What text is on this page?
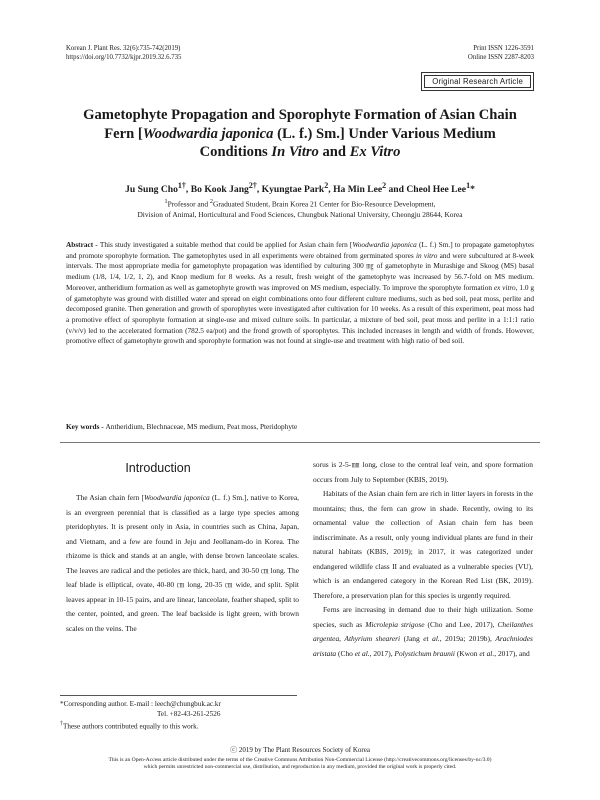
Korean J. Plant Res. 32(6):735-742(2019)
https://doi.org/10.7732/kjpr.2019.32.6.735
Print ISSN 1226-3591
Online ISSN 2287-8203
Original Research Article
Gametophyte Propagation and Sporophyte Formation of Asian Chain
Fern [Woodwardia japonica (L. f.) Sm.] Under Various Medium
Conditions In Vitro and Ex Vitro
Ju Sung Cho$^{1\dagger}$, Bo Kook Jang$^{2\dagger}$, Kyungtae Park$^2$, Ha Min Lee$^2$ and Cheol Hee Lee$^1$*
$^1$Professor and $^2$Graduated Student, Brain Korea 21 Center for Bio-Resource Development,
Division of Animal, Horticultural and Food Sciences, Chungbuk National University, Cheongju 28644, Korea
Abstract - This study investigated a suitable method that could be applied for Asian chain fern [Woodwardia japonica (L. f.) Sm.] to propagate gametophytes and promote sporophyte formation. The gametophytes used in all experiments were obtained from germinated spores in vitro and were subcultured at 8-week intervals. The most appropriate media for gametophyte propagation was identified by culturing 300 ㎎ of gametophyte in Murashige and Skoog (MS) basal medium (1/8, 1/4, 1/2, 1, 2), and Knop medium for 8 weeks. As a result, fresh weight of the gametophyte was increased by 56.7-fold on MS medium. Moreover, antheridium formation as well as gametophyte growth was improved on MS medium, especially. To improve the sporophyte formation ex vitro, 1.0 g of gametophyte was ground with distilled water and spread on eight combinations onto four different culture mediums, such as bed soil, peat moss, perlite and decomposed granite. Then generation and growth of sporophytes were investigated after cultivation for 10 weeks. As a result of this experiment, peat moss had a promotive effect of sporophyte formation at single-use and mixed culture soils. In particular, a mixture of bed soil, peat moss and perlite in a 1:1:1 ratio (v/v/v) led to the accelerated formation (782.5 ea/pot) and the frond growth of sporophytes. This included increases in length and width of fronds. However, promotive effect of gametophyte growth and sporophyte formation was not found at single-use and treatment with high ratio of bed soil.
Key words - Antheridium, Blechnaceae, MS medium, Peat moss, Pteridophyte
Introduction

The Asian chain fern [Woodwardia japonica (L. f.) Sm.], native to Korea, is an evergreen perennial that is classified as a large type species among pteridophytes. It is present only in Asia, in countries such as China, Japan, and Vietnam, and a few are found in Jeju and Jeollanam-do in Korea. The rhizome is thick and stands at an angle, with dense brown lanceolate scales. The leaves are radical and the petioles are thick, hard, and 30-50 ㎝ long. The leaf blade is elliptical, ovate, 40-80 ㎝ long, 20-35 ㎝ wide, and split. Split leaves appear in 10-15 pairs, and are linear, lanceolate, feather shaped, split to the center, pointed, and green. The leaf backside is light green, with brown scales on the veins. The

sorus is 2-5-㎜ long, close to the central leaf vein, and spore formation occurs from July to September (KBIS, 2019).

Habitats of the Asian chain fern are rich in litter layers in forests in the mountains; thus, the fern can grow in shade. Recently, owing to its ornamental value the collection of Asian chain fern has been indiscriminate. As a result, only young individual plants are fund in their natural habitats (KBIS, 2019); in 2017, it was categorized under endangered wildlife class II and evaluated as a vulnerable species (VU), which is an endangered category in the Korean Red List (BK, 2019). Therefore, a preservation plan for this species is urgently required.

Ferns are increasing in demand due to their high utilization. Some species, such as Microlepia strigose (Cho and Lee, 2017), Cheilanthes argentea, Athyrium sheareri (Jang et al., 2019a; 2019b), Arachniodes aristata (Cho et al., 2017), Polystichum braunii (Kwon et al., 2017), and

*Corresponding author. E-mail : leech@chungbuk.ac.kr
Tel. +82-43-261-2526
†These authors contributed equally to this work.
ⓒ 2019 by The Plant Resources Society of Korea
This is an Open-Access article distributed under the terms of the Creative Commons Attribution Non-Commercial License (http://creativecommons.org/licenses/by-nc/3.0)
which permits unrestricted non-commercial use, distribution, and reproduction in any medium, provided the original work is properly cited.
